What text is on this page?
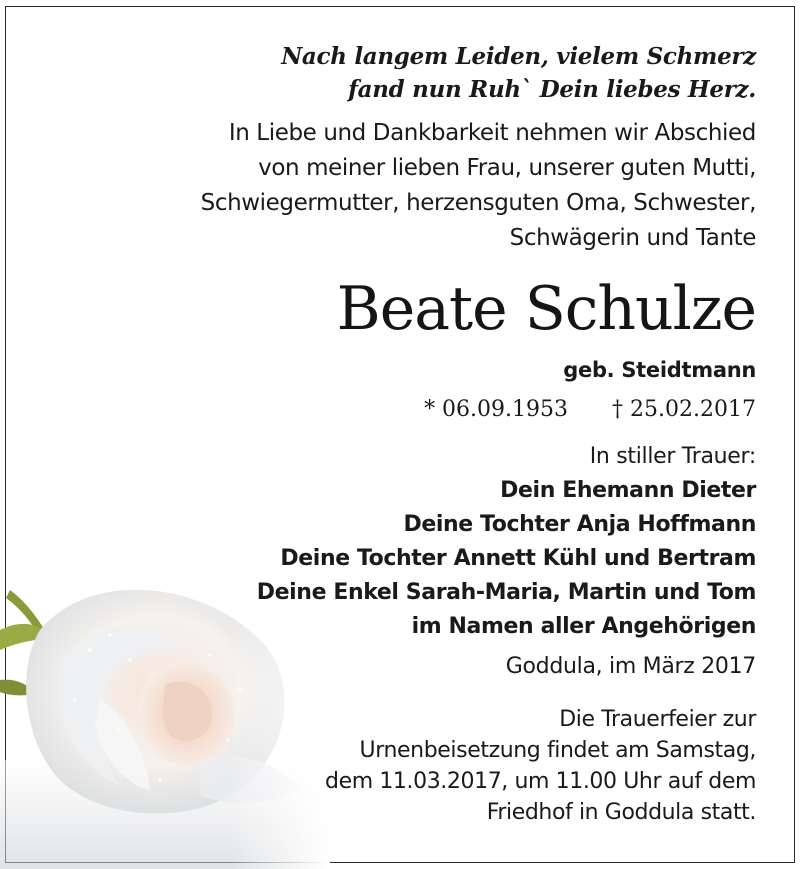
Nach langem Leiden, vielem Schmerz
fand nun Ruh` Dein liebes Herz.
In Liebe und Dankbarkeit nehmen wir Abschied
von meiner lieben Frau, unserer guten Mutti,
Schwiegermutter, herzensguten Oma, Schwester,
Schwägerin und Tante
Beate Schulze
geb. Steidtmann
* 06.09.1953 † 25.02.2017
In stiller Trauer:
Dein Ehemann Dieter
Deine Tochter Anja Hoffmann
Deine Tochter Annett Kühl und Bertram
Deine Enkel Sarah-Maria, Martin und Tom
im Namen aller Angehörigen
Goddula, im März 2017
Die Trauerfeier zur
Urnenbeisetzung findet am Samstag,
dem 11.03.2017, um 11.00 Uhr auf dem
Friedhof in Goddula statt.
